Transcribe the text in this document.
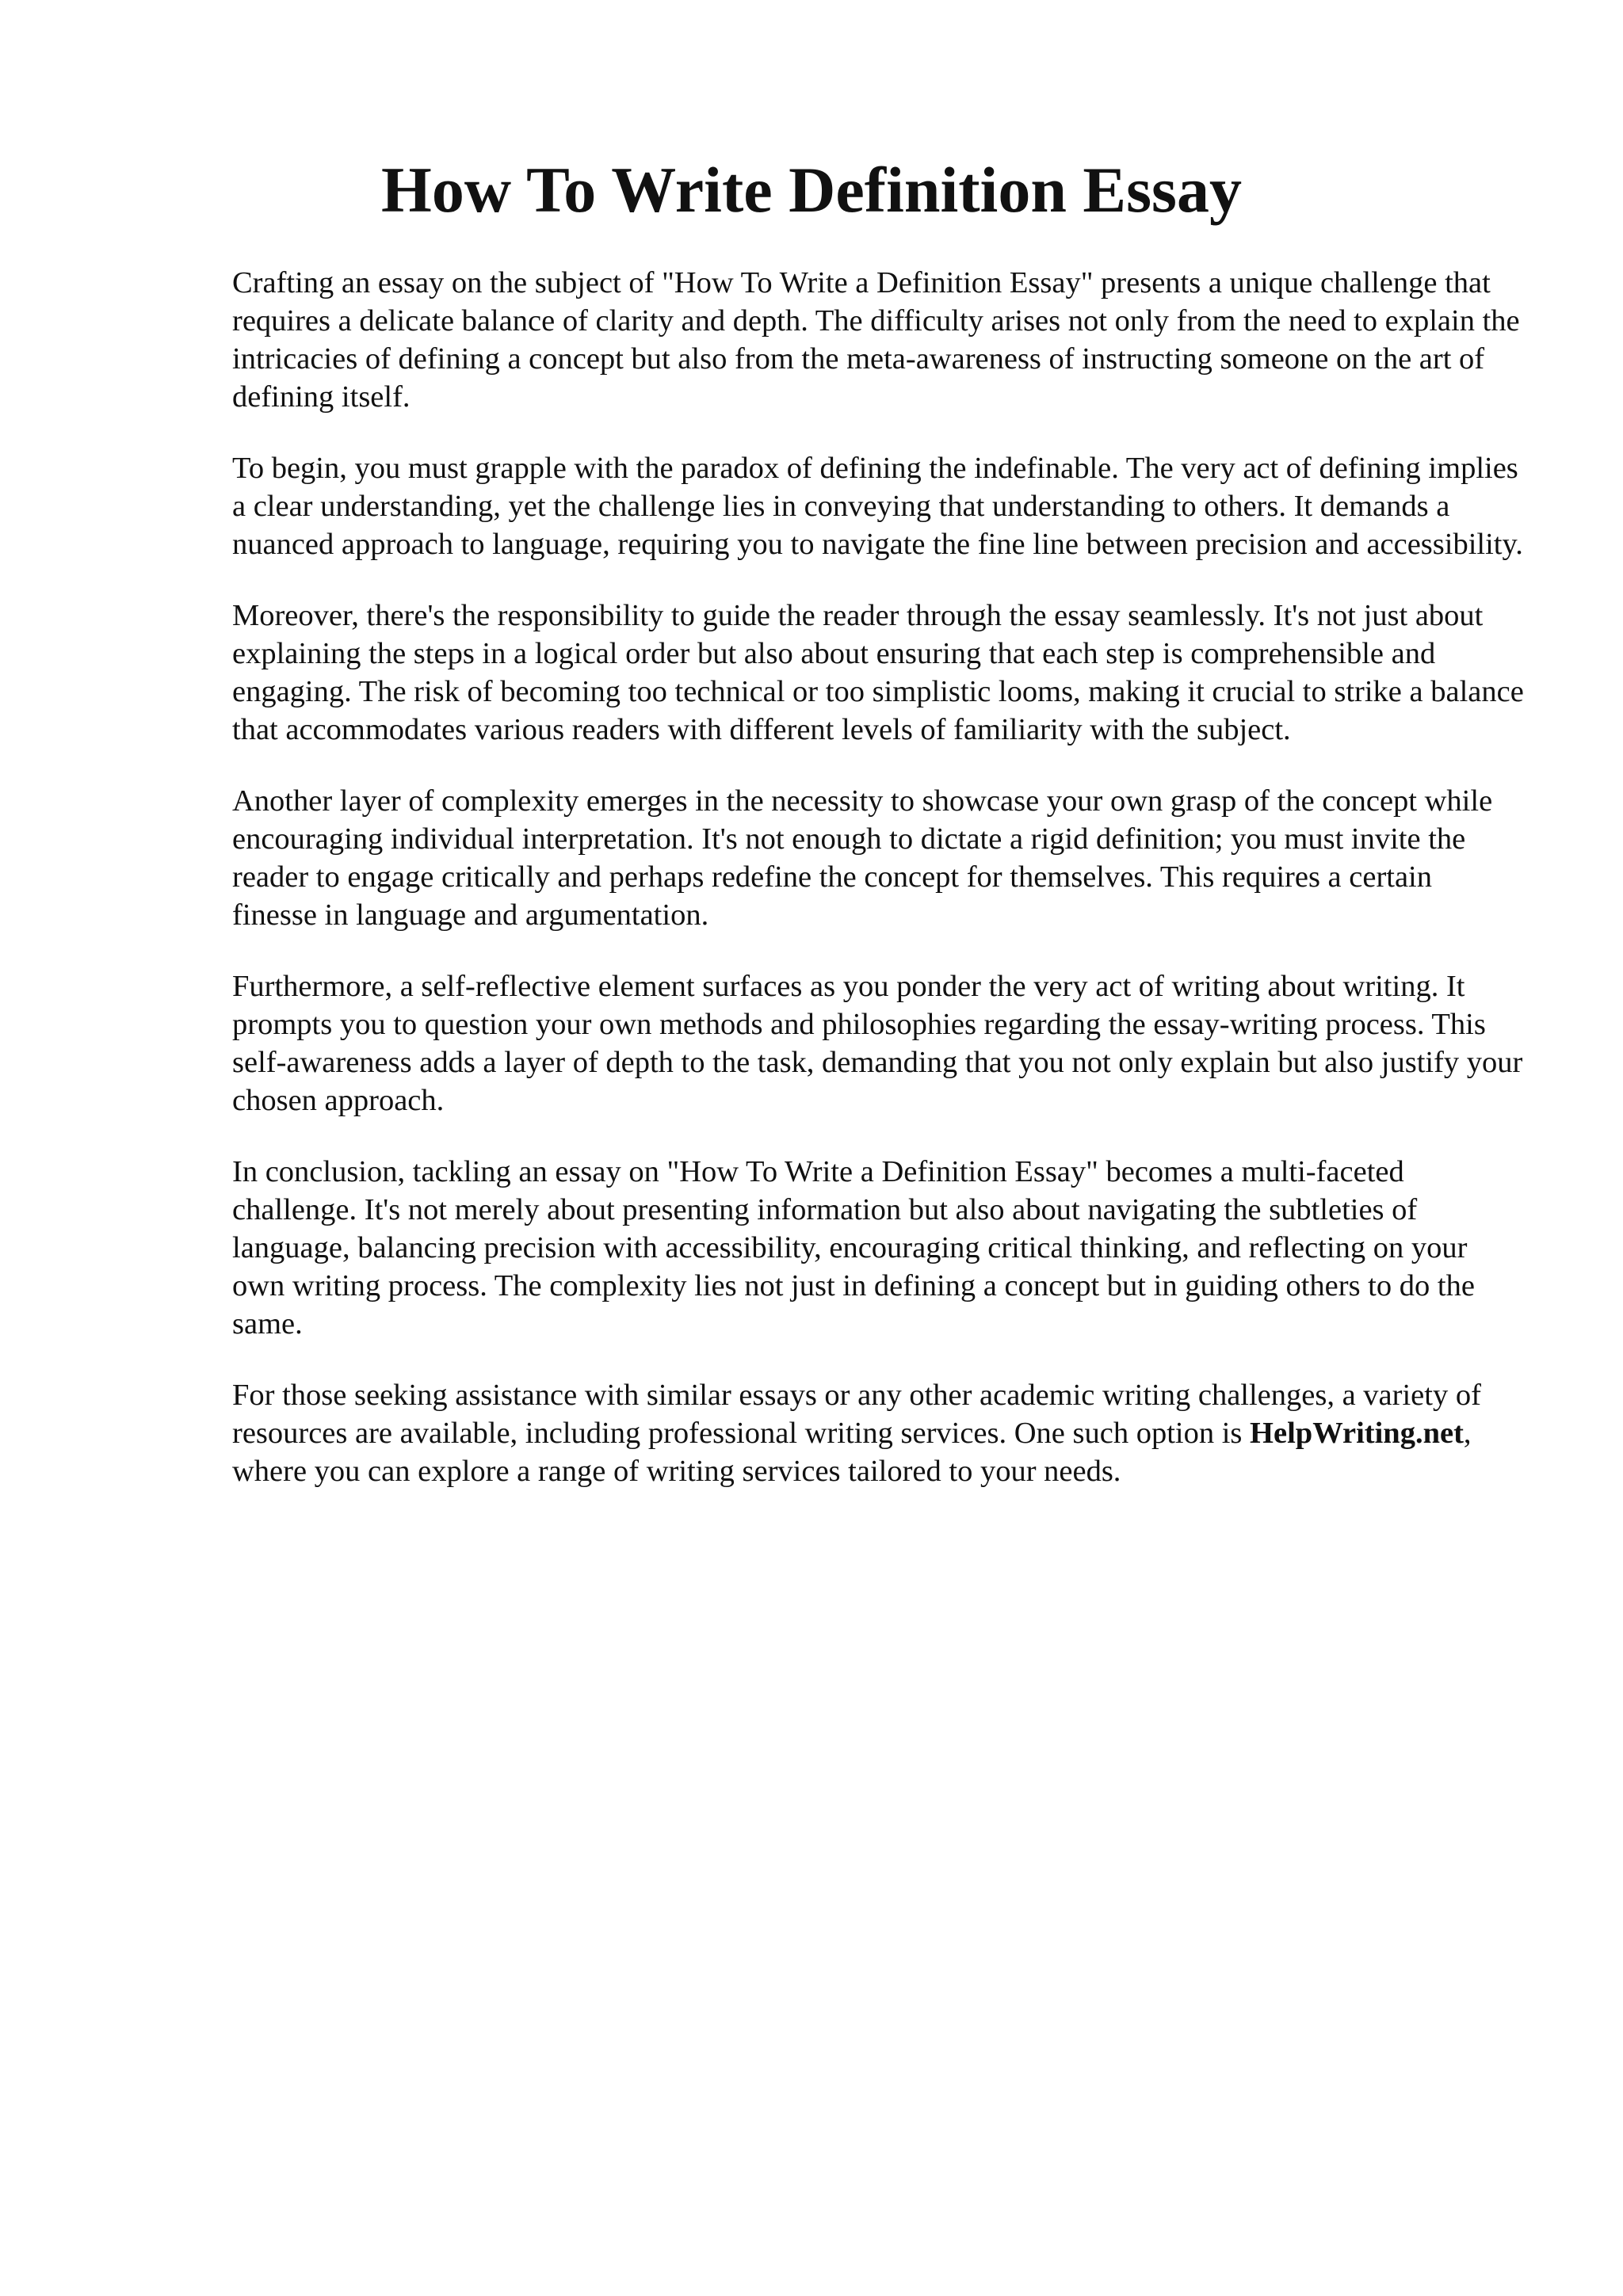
How To Write Definition Essay

Crafting an essay on the subject of "How To Write a Definition Essay" presents a unique challenge that requires a delicate balance of clarity and depth. The difficulty arises not only from the need to explain the intricacies of defining a concept but also from the meta-awareness of instructing someone on the art of defining itself.

To begin, you must grapple with the paradox of defining the indefinable. The very act of defining implies a clear understanding, yet the challenge lies in conveying that understanding to others. It demands a nuanced approach to language, requiring you to navigate the fine line between precision and accessibility.

Moreover, there's the responsibility to guide the reader through the essay seamlessly. It's not just about explaining the steps in a logical order but also about ensuring that each step is comprehensible and engaging. The risk of becoming too technical or too simplistic looms, making it crucial to strike a balance that accommodates various readers with different levels of familiarity with the subject.

Another layer of complexity emerges in the necessity to showcase your own grasp of the concept while encouraging individual interpretation. It's not enough to dictate a rigid definition; you must invite the reader to engage critically and perhaps redefine the concept for themselves. This requires a certain finesse in language and argumentation.

Furthermore, a self-reflective element surfaces as you ponder the very act of writing about writing. It prompts you to question your own methods and philosophies regarding the essay-writing process. This self-awareness adds a layer of depth to the task, demanding that you not only explain but also justify your chosen approach.

In conclusion, tackling an essay on "How To Write a Definition Essay" becomes a multi-faceted challenge. It's not merely about presenting information but also about navigating the subtleties of language, balancing precision with accessibility, encouraging critical thinking, and reflecting on your own writing process. The complexity lies not just in defining a concept but in guiding others to do the same.

For those seeking assistance with similar essays or any other academic writing challenges, a variety of resources are available, including professional writing services. One such option is HelpWriting.net, where you can explore a range of writing services tailored to your needs.
